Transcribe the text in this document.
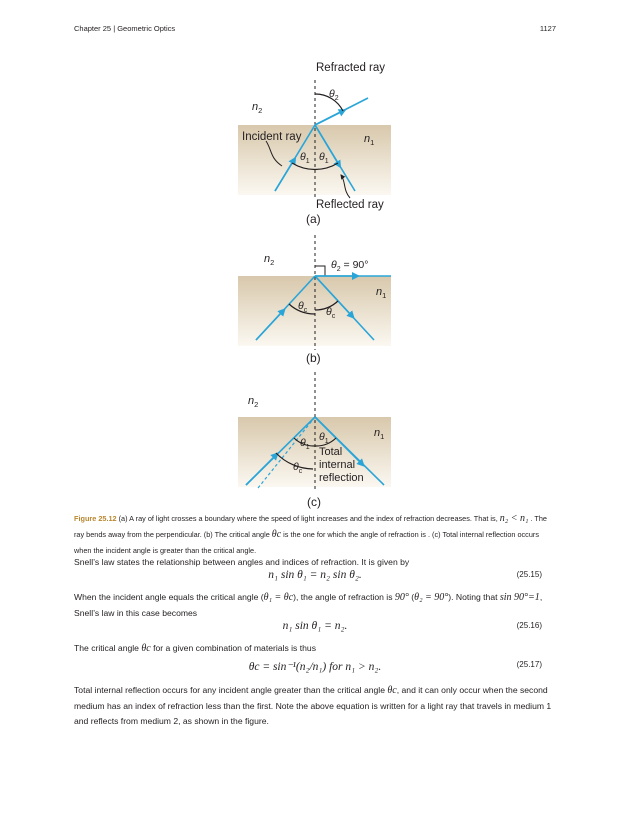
Chapter 25 | Geometric Optics	1127
Refracted ray
Incident ray
Reflected ray
$n_2$
$n_1$
$\theta_2$
$\theta_1$ $\theta_1$
(a)
$n_2$
$n_1$
$\theta_2 = 90^\circ$
$\theta_c$ $\theta_c$
(b)
$n_2$
$n_1$
$\theta_1$
$\theta_1$
$\theta_c$
Total
internal
reflection
(c)
Figure 25.12 (a) A ray of light crosses a boundary where the speed of light increases and the index of refraction decreases. That is, n₂ < n₁ . The ray bends away from the perpendicular. (b) The critical angle θc is the one for which the angle of refraction is . (c) Total internal reflection occurs when the incident angle is greater than the critical angle.
Snell’s law states the relationship between angles and indices of refraction. It is given by
n₁ sin θ₁ = n₂ sin θ₂.	(25.15)
When the incident angle equals the critical angle (θ₁ = θc), the angle of refraction is 90° (θ₂ = 90°). Noting that sin 90°=1, Snell’s law in this case becomes
n₁ sin θ₁ = n₂.	(25.16)
The critical angle θc for a given combination of materials is thus
θc = sin⁻¹(n₂/n₁) for n₁ > n₂.	(25.17)
Total internal reflection occurs for any incident angle greater than the critical angle θc, and it can only occur when the second medium has an index of refraction less than the first. Note the above equation is written for a light ray that travels in medium 1 and reflects from medium 2, as shown in the figure.
